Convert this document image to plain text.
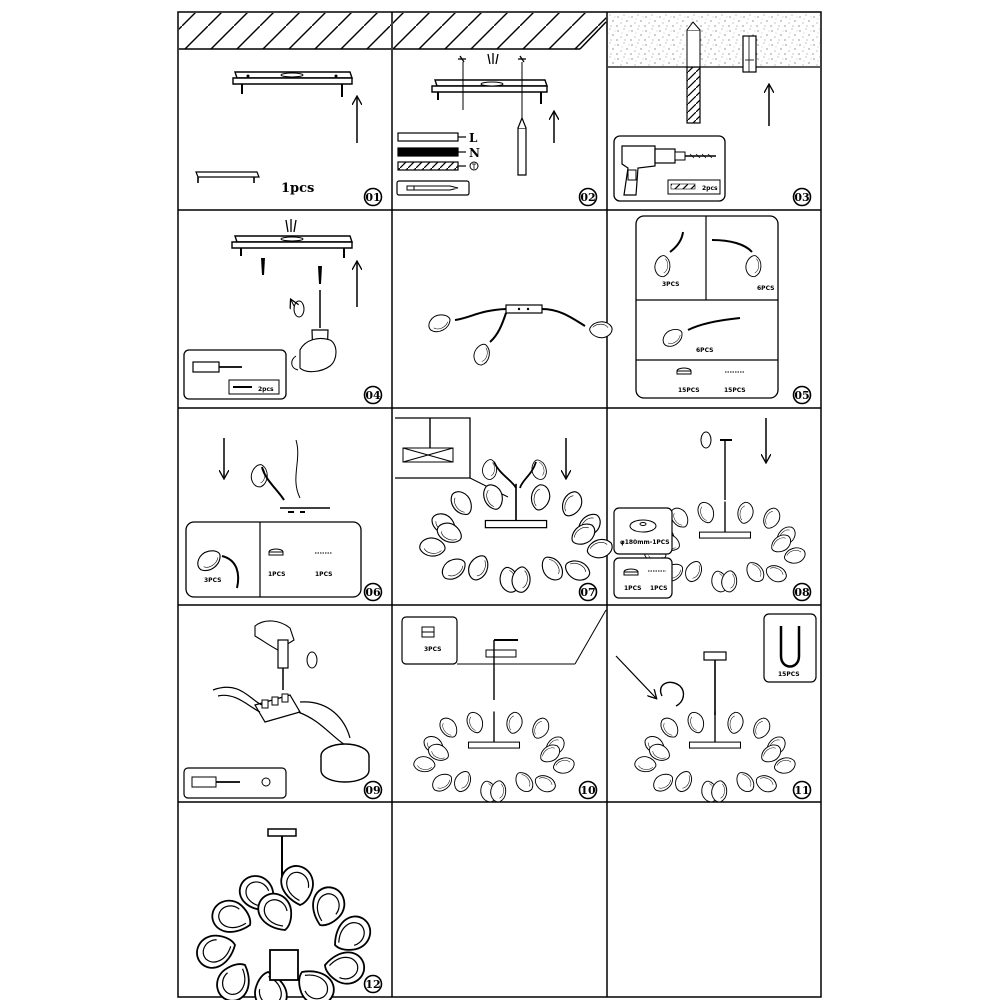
1pcs
01
L
N
02
2pcs
03
2pcs	04
3PCS
6PCS
6PCS
15PCS	15PCS	05
3PCS
1PCS	1PCS
06	07
φ180mm-1PCS
1PCS 1PCS	08
09
3PCS
10
15PCS
11
12
